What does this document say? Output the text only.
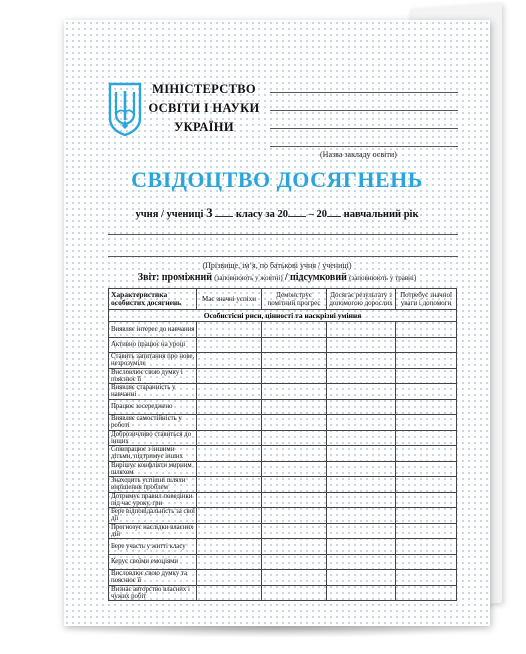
МІНІСТЕРСТВО
ОСВІТИ І НАУКИ
УКРАЇНИ
(Назва закладу освіти)
СВІДОЦТВО ДОСЯГНЕНЬ
учня / учениці 3 класу за 20 – 20 навчальний рік
(Прізвище, ім’я, по батькові учня / учениці)
Звіт: проміжний (заповнюють у жовтні) / підсумковий (заповнюють у травні)
Характеристика особистих досягнень	Має значні успіхи	Демонструє помітний прогрес	Досягає результату з допомогою дорослих	Потребує значної уваги і допомоги
Особистісні риси, цінності та наскрізні уміння				
Виявляє інтерес до навчання				
Активно працює на уроці				
Ставить запитання про нове, незрозуміле				
Висловлює свою думку і пояснює її				
Виявляє старанність у навчанні				
Працює зосереджено				
Виявляє самостійність у роботі				
Доброзичливо ставиться до інших				
Співпрацює з іншими дітьми, підтримує інших				
Вирішує конфлікти мирним шляхом				
Знаходить успішні шляхи вирішення проблем				
Дотримує правил поведінки під час уроку, гри				
Бере відповідальність за свої дії				
Прогнозує наслідки власних дій				
Бере участь у житті класу				
Керує своїми емоціями				
Висловлює свою думку та пояснює її				
Визнає авторство власних і чужих робіт				
